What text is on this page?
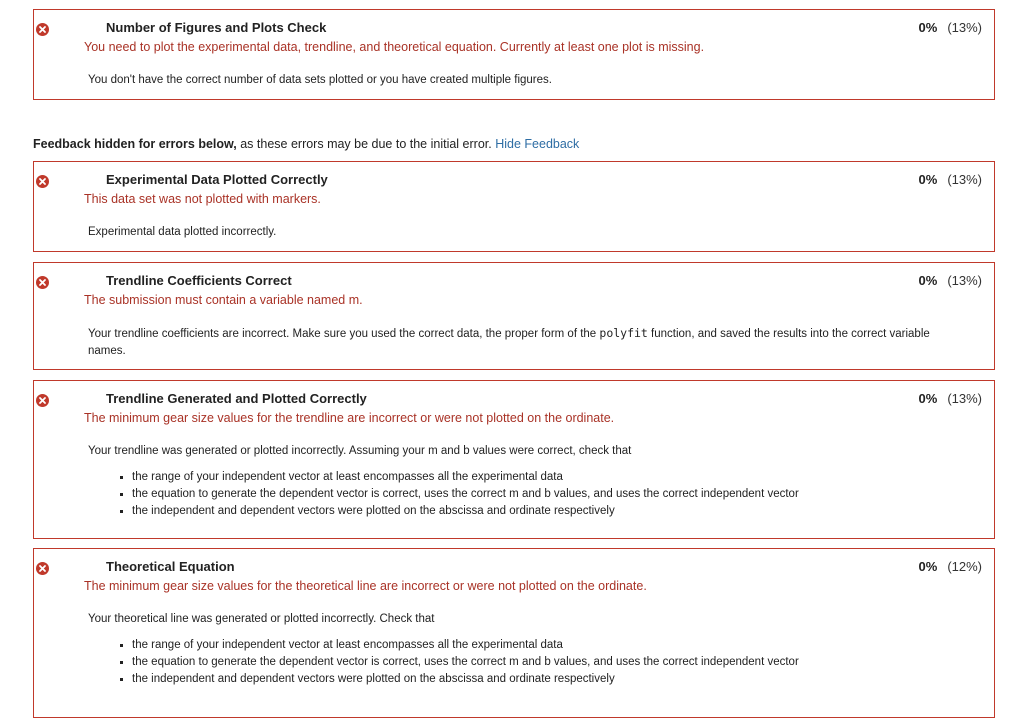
Number of Figures and Plots Check	0% (13%)
You need to plot the experimental data, trendline, and theoretical equation. Currently at least one plot is missing.

You don't have the correct number of data sets plotted or you have created multiple figures.

Feedback hidden for errors below, as these errors may be due to the initial error. Hide Feedback
Experimental Data Plotted Correctly	0% (13%)
This data set was not plotted with markers.

Experimental data plotted incorrectly.

Trendline Coefficients Correct	0% (13%)
The submission must contain a variable named m.

Your trendline coefficients are incorrect. Make sure you used the correct data, the proper form of the polyfit function, and saved the results into the correct variable names.

Trendline Generated and Plotted Correctly	0% (13%)
The minimum gear size values for the trendline are incorrect or were not plotted on the ordinate.

Your trendline was generated or plotted incorrectly. Assuming your m and b values were correct, check that

the range of your independent vector at least encompasses all the experimental data
the equation to generate the dependent vector is correct, uses the correct m and b values, and uses the correct independent vector
the independent and dependent vectors were plotted on the abscissa and ordinate respectively
Theoretical Equation	0% (12%)
The minimum gear size values for the theoretical line are incorrect or were not plotted on the ordinate.

Your theoretical line was generated or plotted incorrectly. Check that

the range of your independent vector at least encompasses all the experimental data
the equation to generate the dependent vector is correct, uses the correct m and b values, and uses the correct independent vector
the independent and dependent vectors were plotted on the abscissa and ordinate respectively
